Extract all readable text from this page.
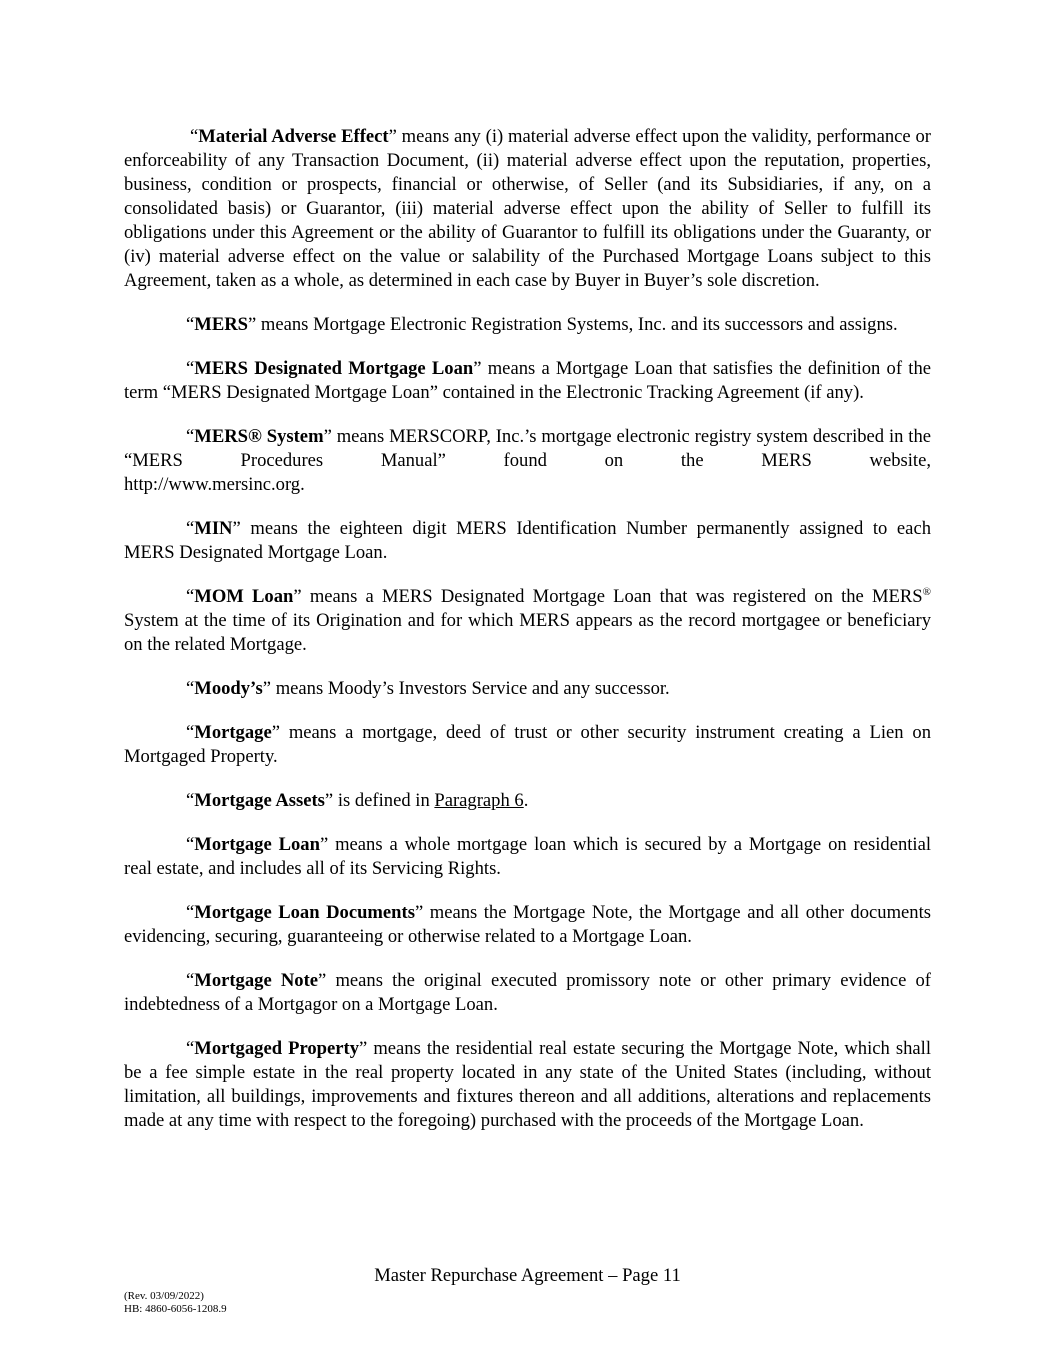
“Material Adverse Effect” means any (i) material adverse effect upon the validity, performance or enforceability of any Transaction Document, (ii) material adverse effect upon the reputation, properties, business, condition or prospects, financial or otherwise, of Seller (and its Subsidiaries, if any, on a consolidated basis) or Guarantor, (iii) material adverse effect upon the ability of Seller to fulfill its obligations under this Agreement or the ability of Guarantor to fulfill its obligations under the Guaranty, or (iv) material adverse effect on the value or salability of the Purchased Mortgage Loans subject to this Agreement, taken as a whole, as determined in each case by Buyer in Buyer’s sole discretion.

“MERS” means Mortgage Electronic Registration Systems, Inc. and its successors and assigns.

“MERS Designated Mortgage Loan” means a Mortgage Loan that satisfies the definition of the term “MERS Designated Mortgage Loan” contained in the Electronic Tracking Agreement (if any).

“MERS® System” means MERSCORP, Inc.’s mortgage electronic registry system described in the “MERS Procedures Manual” found on the MERS website,

http://www.mersinc.org.

“MIN” means the eighteen digit MERS Identification Number permanently assigned to each MERS Designated Mortgage Loan.

“MOM Loan” means a MERS Designated Mortgage Loan that was registered on the MERS® System at the time of its Origination and for which MERS appears as the record mortgagee or beneficiary on the related Mortgage.

“Moody’s” means Moody’s Investors Service and any successor.

“Mortgage” means a mortgage, deed of trust or other security instrument creating a Lien on Mortgaged Property.

“Mortgage Assets” is defined in Paragraph 6.

“Mortgage Loan” means a whole mortgage loan which is secured by a Mortgage on residential real estate, and includes all of its Servicing Rights.

“Mortgage Loan Documents” means the Mortgage Note, the Mortgage and all other documents evidencing, securing, guaranteeing or otherwise related to a Mortgage Loan.

“Mortgage Note” means the original executed promissory note or other primary evidence of indebtedness of a Mortgagor on a Mortgage Loan.

“Mortgaged Property” means the residential real estate securing the Mortgage Note, which shall be a fee simple estate in the real property located in any state of the United States (including, without limitation, all buildings, improvements and fixtures thereon and all additions, alterations and replacements made at any time with respect to the foregoing) purchased with the proceeds of the Mortgage Loan.

Master Repurchase Agreement – Page 11
(Rev. 03/09/2022)
HB: 4860-6056-1208.9
